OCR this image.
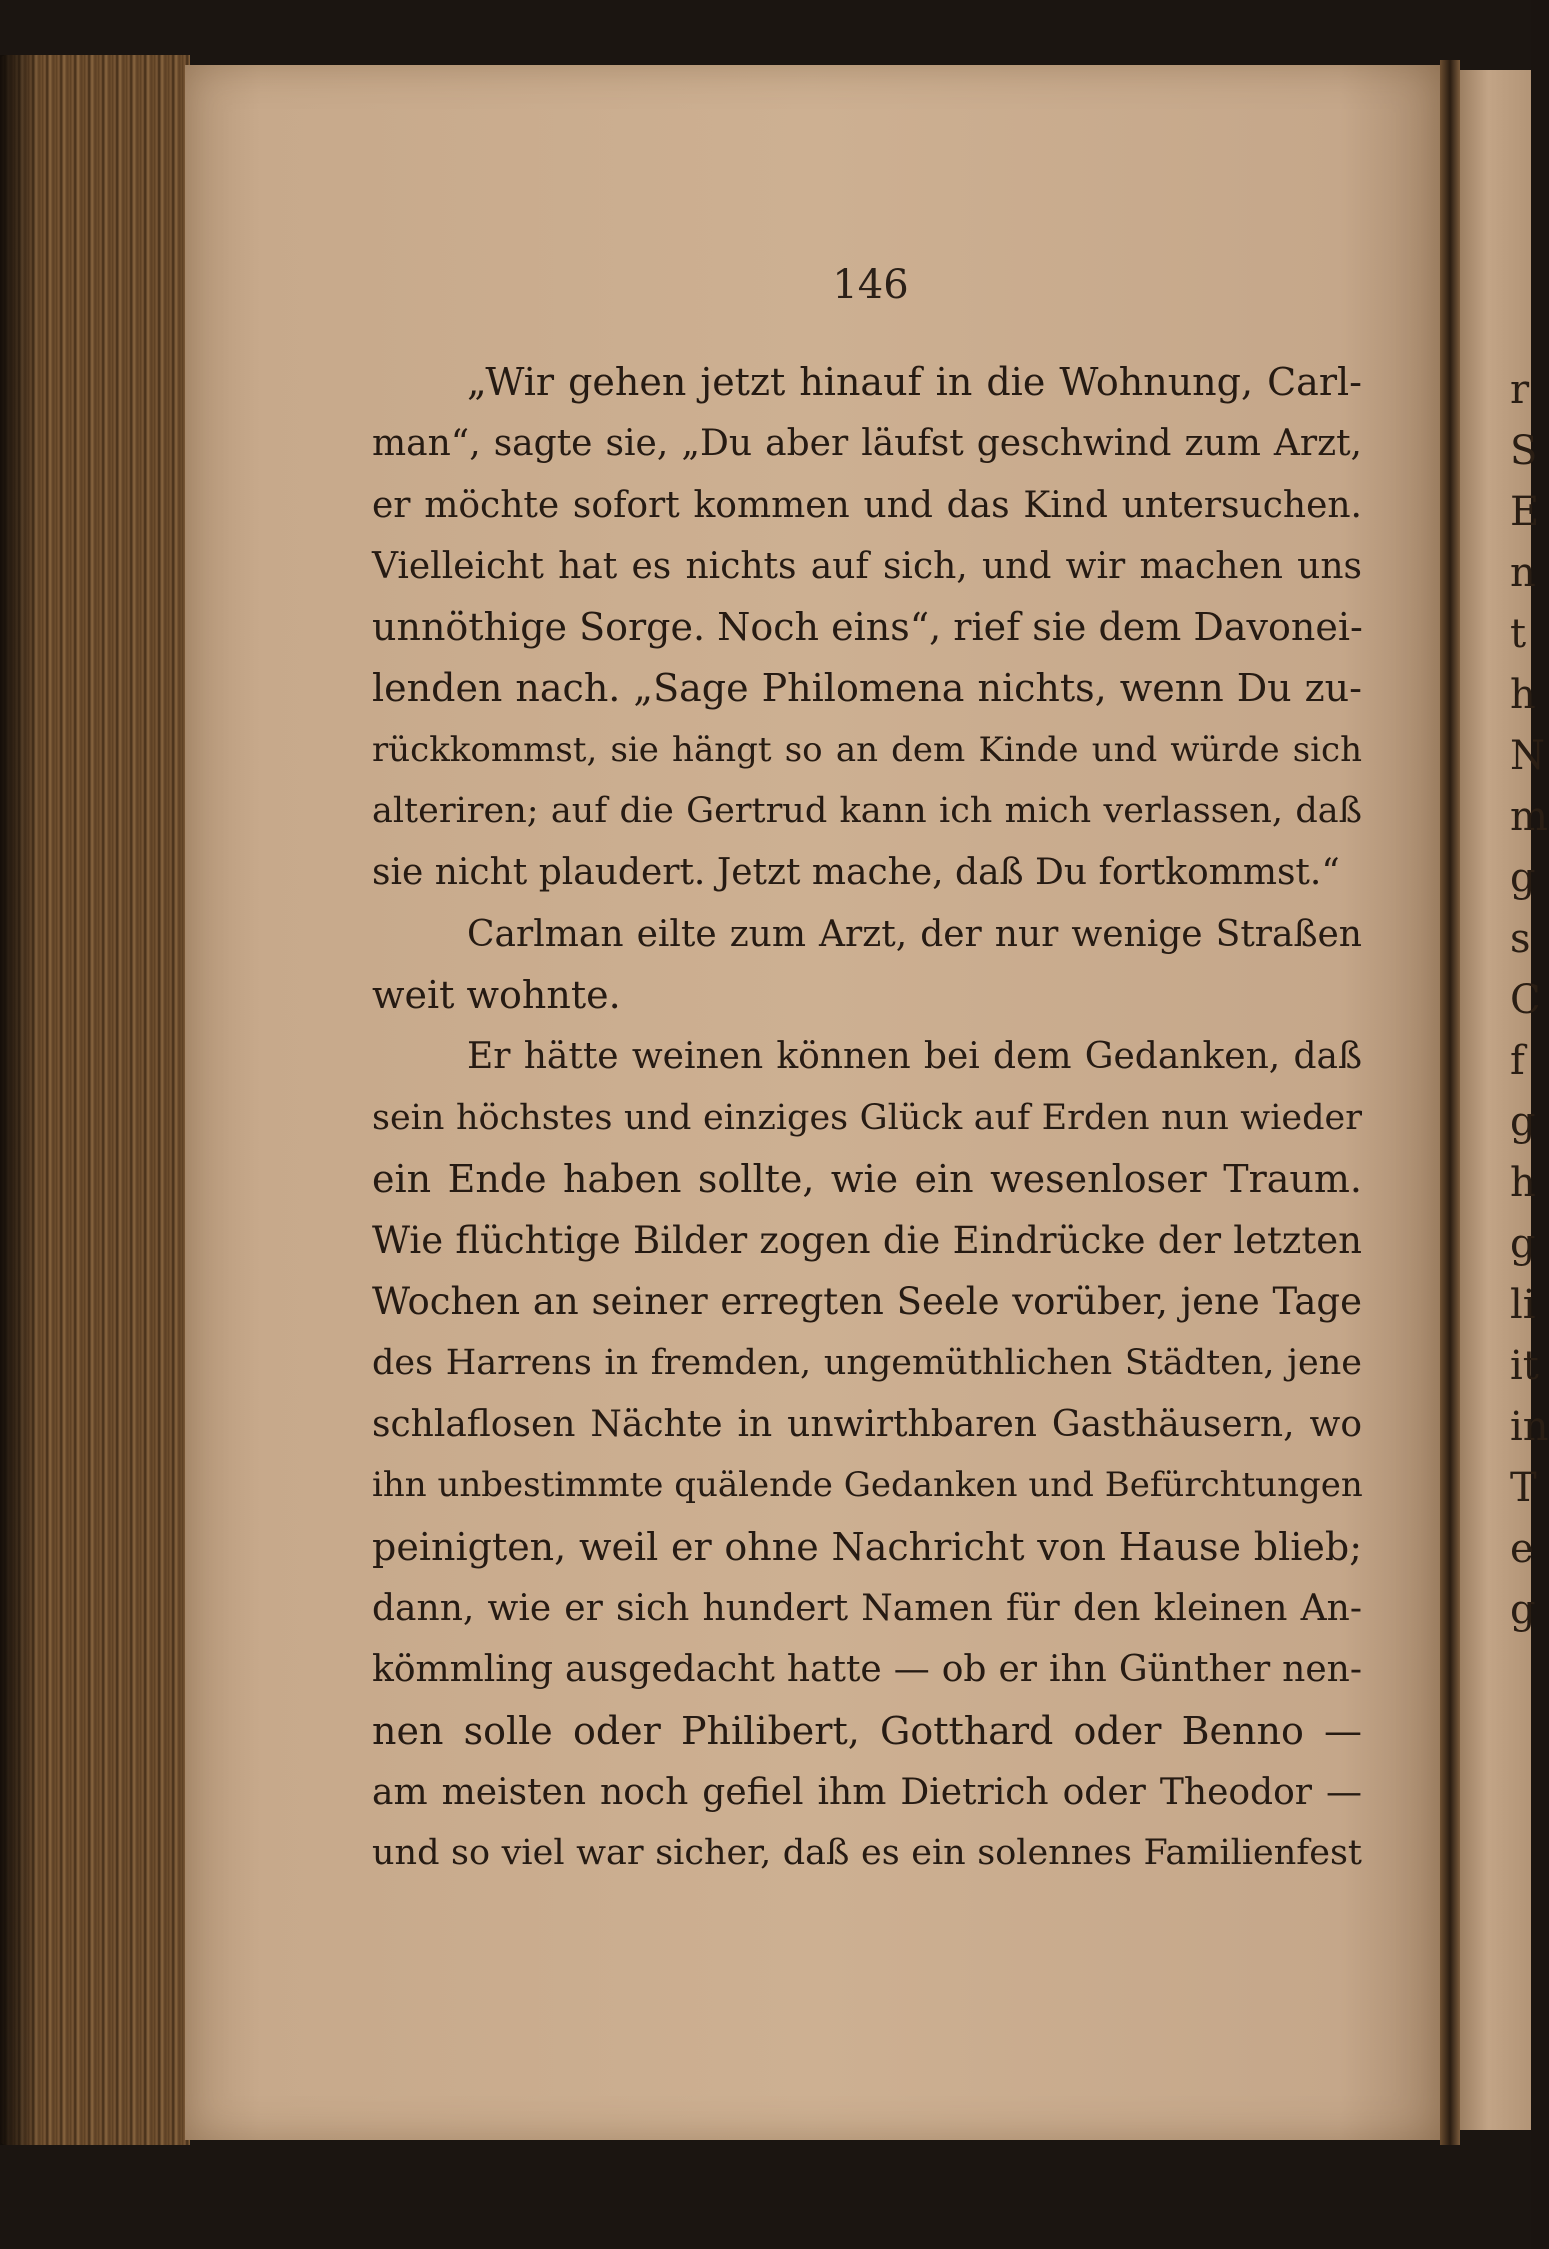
r
S
E
n
t
h
N
m
g
s
C
f
g
h
g
li
it
in
T
e
g

146

„Wir gehen jetzt hinauf in die Wohnung, Carl-
man“, sagte sie, „Du aber läufst geschwind zum Arzt,
er möchte sofort kommen und das Kind untersuchen.
Vielleicht hat es nichts auf sich, und wir machen uns
unnöthige Sorge. Noch eins“, rief sie dem Davonei-
lenden nach. „Sage Philomena nichts, wenn Du zu-
rückkommst, sie hängt so an dem Kinde und würde sich
alteriren; auf die Gertrud kann ich mich verlassen, daß
sie nicht plaudert. Jetzt mache, daß Du fortkommst.“
Carlman eilte zum Arzt, der nur wenige Straßen
weit wohnte.
Er hätte weinen können bei dem Gedanken, daß
sein höchstes und einziges Glück auf Erden nun wieder
ein Ende haben sollte, wie ein wesenloser Traum.
Wie flüchtige Bilder zogen die Eindrücke der letzten
Wochen an seiner erregten Seele vorüber, jene Tage
des Harrens in fremden, ungemüthlichen Städten, jene
schlaflosen Nächte in unwirthbaren Gasthäusern, wo
ihn unbestimmte quälende Gedanken und Befürchtungen
peinigten, weil er ohne Nachricht von Hause blieb;
dann, wie er sich hundert Namen für den kleinen An-
kömmling ausgedacht hatte — ob er ihn Günther nen-
nen solle oder Philibert, Gotthard oder Benno —
am meisten noch gefiel ihm Dietrich oder Theodor —
und so viel war sicher, daß es ein solennes Familienfest
